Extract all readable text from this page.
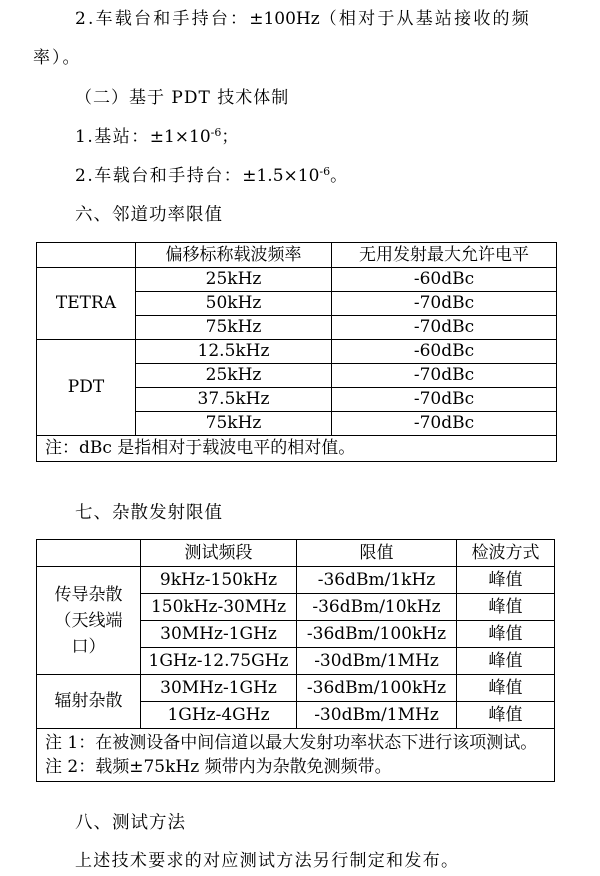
2.车载台和手持台：±100Hz（相对于从基站接收的频
率）。
（二）基于 PDT 技术体制
1.基站：$\pm 1\times 10^{-6}$；
2.车载台和手持台：$\pm 1.5\times 10^{-6}$。
六、邻道功率限值
	偏移标称载波频率	无用发射最大允许电平
TETRA	25kHz	-60dBc
	50kHz	-70dBc
	75kHz	-70dBc
PDT	12.5kHz	-60dBc
	25kHz	-70dBc
	37.5kHz	-70dBc
	75kHz	-70dBc
注：dBc 是指相对于载波电平的相对值。		
七、杂散发射限值
	测试频段	限值	检波方式
传导杂散（天线端口）	9kHz-150kHz	-36dBm/1kHz	峰值
	150kHz-30MHz	-36dBm/10kHz	峰值
	30MHz-1GHz	-36dBm/100kHz	峰值
	1GHz-12.75GHz	-30dBm/1MHz	峰值
辐射杂散	30MHz-1GHz	-36dBm/100kHz	峰值
	1GHz-4GHz	-30dBm/1MHz	峰值

注 1：在被测设备中间信道以最大发射功率状态下进行该项测试。
注 2：载频±75kHz 频带内为杂散免测频带。			
八、测试方法
上述技术要求的对应测试方法另行制定和发布。
